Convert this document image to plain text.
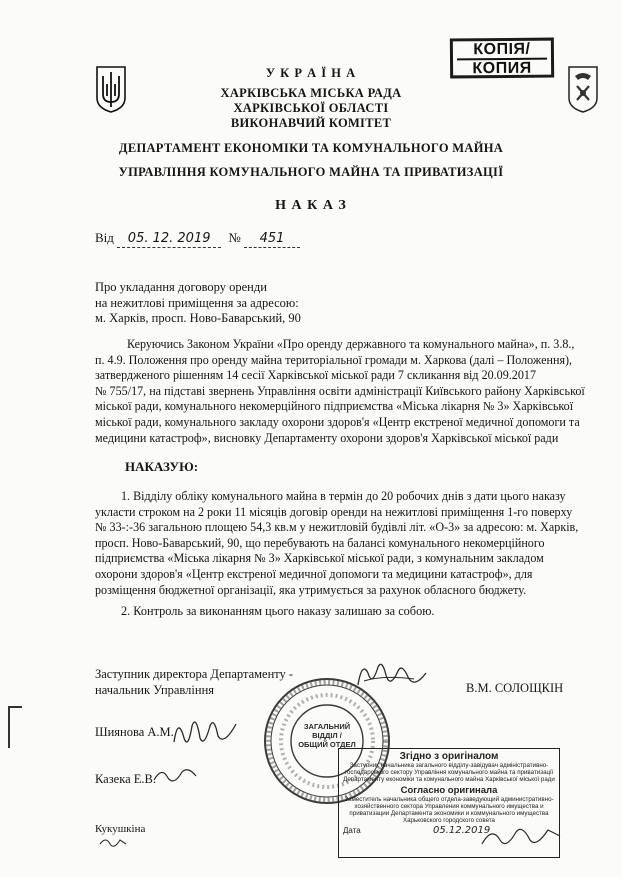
КОПІЯ/
КОПИЯ
У К Р А Ї Н А
ХАРКІВСЬКА МІСЬКА РАДА
ХАРКІВСЬКОЇ ОБЛАСТІ
ВИКОНАВЧИЙ КОМІТЕТ
ДЕПАРТАМЕНТ ЕКОНОМІКИ ТА КОМУНАЛЬНОГО МАЙНА
УПРАВЛІННЯ КОМУНАЛЬНОГО МАЙНА ТА ПРИВАТИЗАЦІЇ
Н А К А З
Від 05. 12. 2019 № 451
Про укладання договору оренди
на нежитлові приміщення за адресою:
м. Харків, просп. Ново-Баварський, 90
Керуючись Законом України «Про оренду державного та комунального майна», п. 3.8.,
п. 4.9. Положення про оренду майна територіальної громади м. Харкова (далі – Положення),
затвердженого рішенням 14 сесії Харківської міської ради 7 скликання від 20.09.2017
№ 755/17, на підставі звернень Управління освіти адміністрації Київського району Харківської
міської ради, комунального некомерційного підприємства «Міська лікарня № 3» Харківської
міської ради, комунального закладу охорони здоров'я «Центр екстреної медичної допомоги та
медицини катастроф», висновку Департаменту охорони здоров'я Харківської міської ради
НАКАЗУЮ:
1. Відділу обліку комунального майна в термін до 20 робочих днів з дати цього наказу
укласти строком на 2 роки 11 місяців договір оренди на нежитлові приміщення 1-го поверху
№ 33-:-36 загальною площею 54,3 кв.м у нежитловій будівлі літ. «О-3» за адресою: м. Харків,
просп. Ново-Баварський, 90, що перебувають на балансі комунального некомерційного
підприємства «Міська лікарня № 3» Харківської міської ради, з комунальним закладом
охорони здоров'я «Центр екстреної медичної допомоги та медицини катастроф», для
розміщення бюджетної організації, яка утримується за рахунок обласного бюджету.
2. Контроль за виконанням цього наказу залишаю за собою.
Заступник директора Департаменту -
начальник Управління	В.М. СОЛОЩКІН
Шиянова А.М.
Казека Е.В.
Кукушкіна
ЗАГАЛЬНИЙ
ВІДДІЛ /
ОБЩИЙ ОТДЕЛ
Згідно з оригіналом
Заступник начальника загального відділу-завідувач адміністративно-господарського сектору Управління комунального майна та приватизації Департаменту економіки та комунального майна Харківської міської ради
Согласно оригинала
Заместитель начальника общего отдела-заведующий административно-хозяйственного сектора Управления коммунального имущества и приватизации Департамента экономики и коммунального имущества Харьковского городского совета
Дата	05.12.2019
